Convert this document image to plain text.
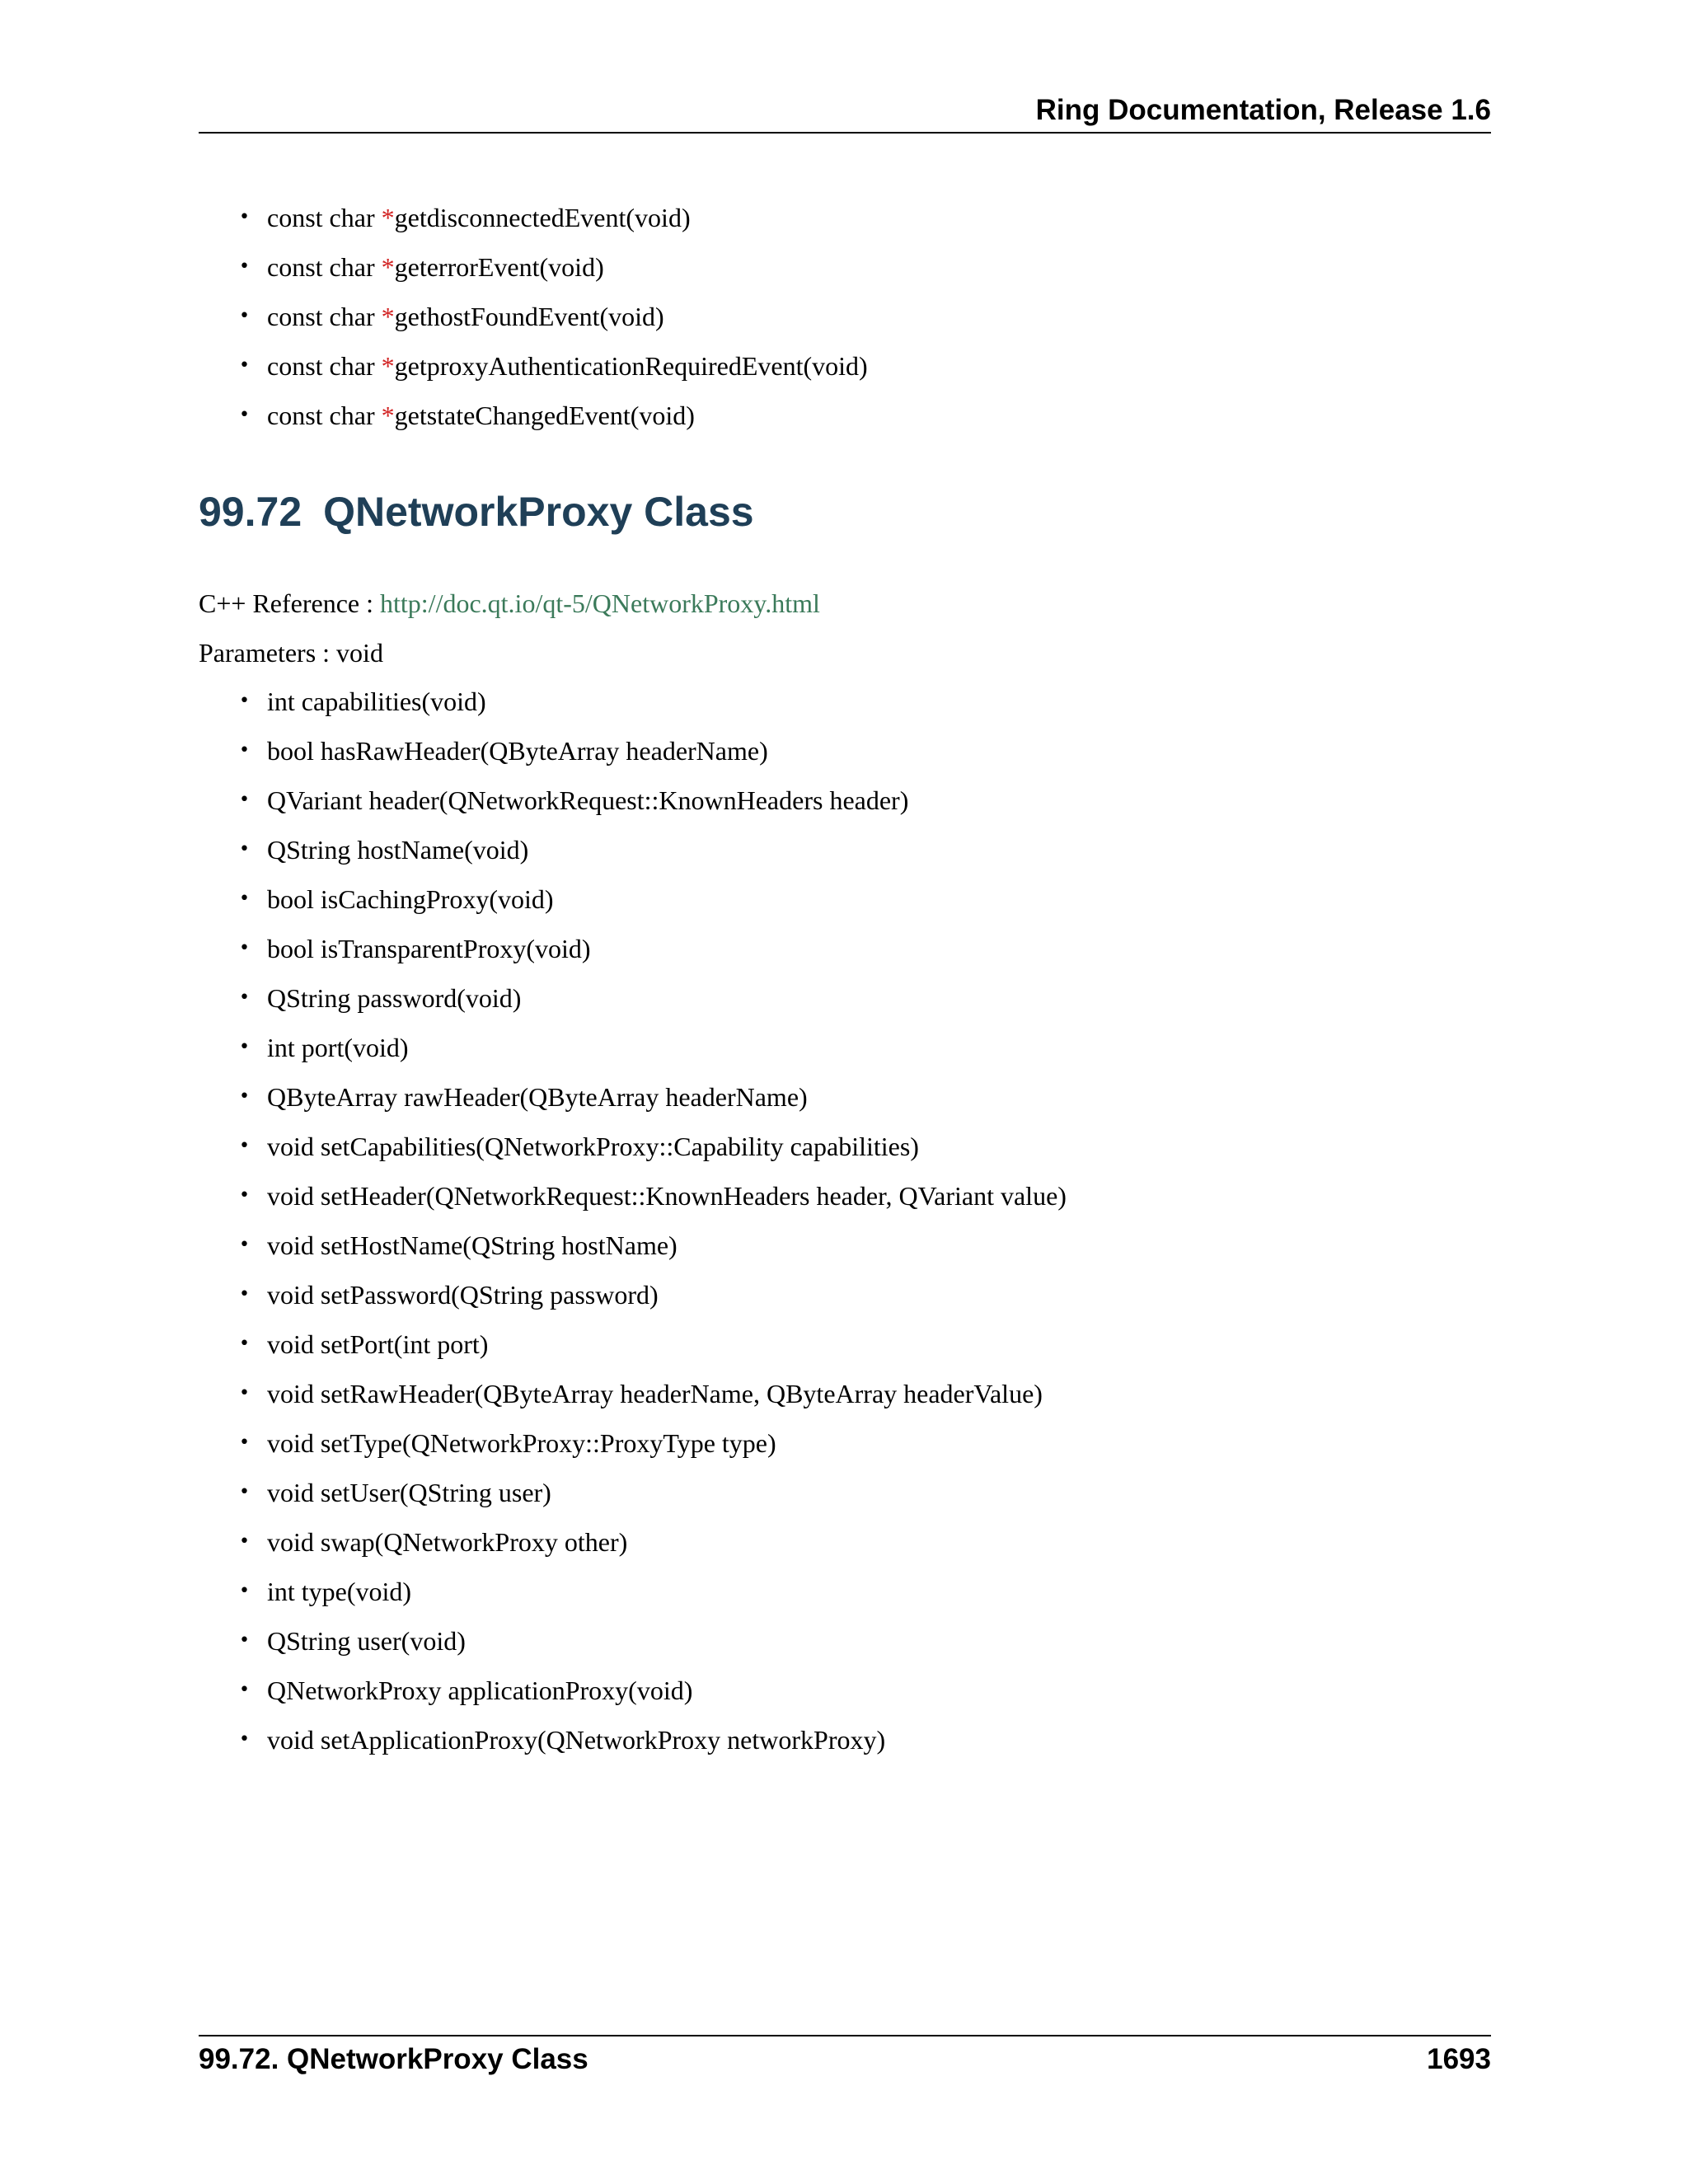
Ring Documentation, Release 1.6
• const char *getdisconnectedEvent(void)
• const char *geterrorEvent(void)
• const char *gethostFoundEvent(void)
• const char *getproxyAuthenticationRequiredEvent(void)
• const char *getstateChangedEvent(void)
99.72 QNetworkProxy Class
C++ Reference : http://doc.qt.io/qt-5/QNetworkProxy.html
Parameters : void
• int capabilities(void)
• bool hasRawHeader(QByteArray headerName)
• QVariant header(QNetworkRequest::KnownHeaders header)
• QString hostName(void)
• bool isCachingProxy(void)
• bool isTransparentProxy(void)
• QString password(void)
• int port(void)
• QByteArray rawHeader(QByteArray headerName)
• void setCapabilities(QNetworkProxy::Capability capabilities)
• void setHeader(QNetworkRequest::KnownHeaders header, QVariant value)
• void setHostName(QString hostName)
• void setPassword(QString password)
• void setPort(int port)
• void setRawHeader(QByteArray headerName, QByteArray headerValue)
• void setType(QNetworkProxy::ProxyType type)
• void setUser(QString user)
• void swap(QNetworkProxy other)
• int type(void)
• QString user(void)
• QNetworkProxy applicationProxy(void)
• void setApplicationProxy(QNetworkProxy networkProxy)
99.72. QNetworkProxy Class	1693
